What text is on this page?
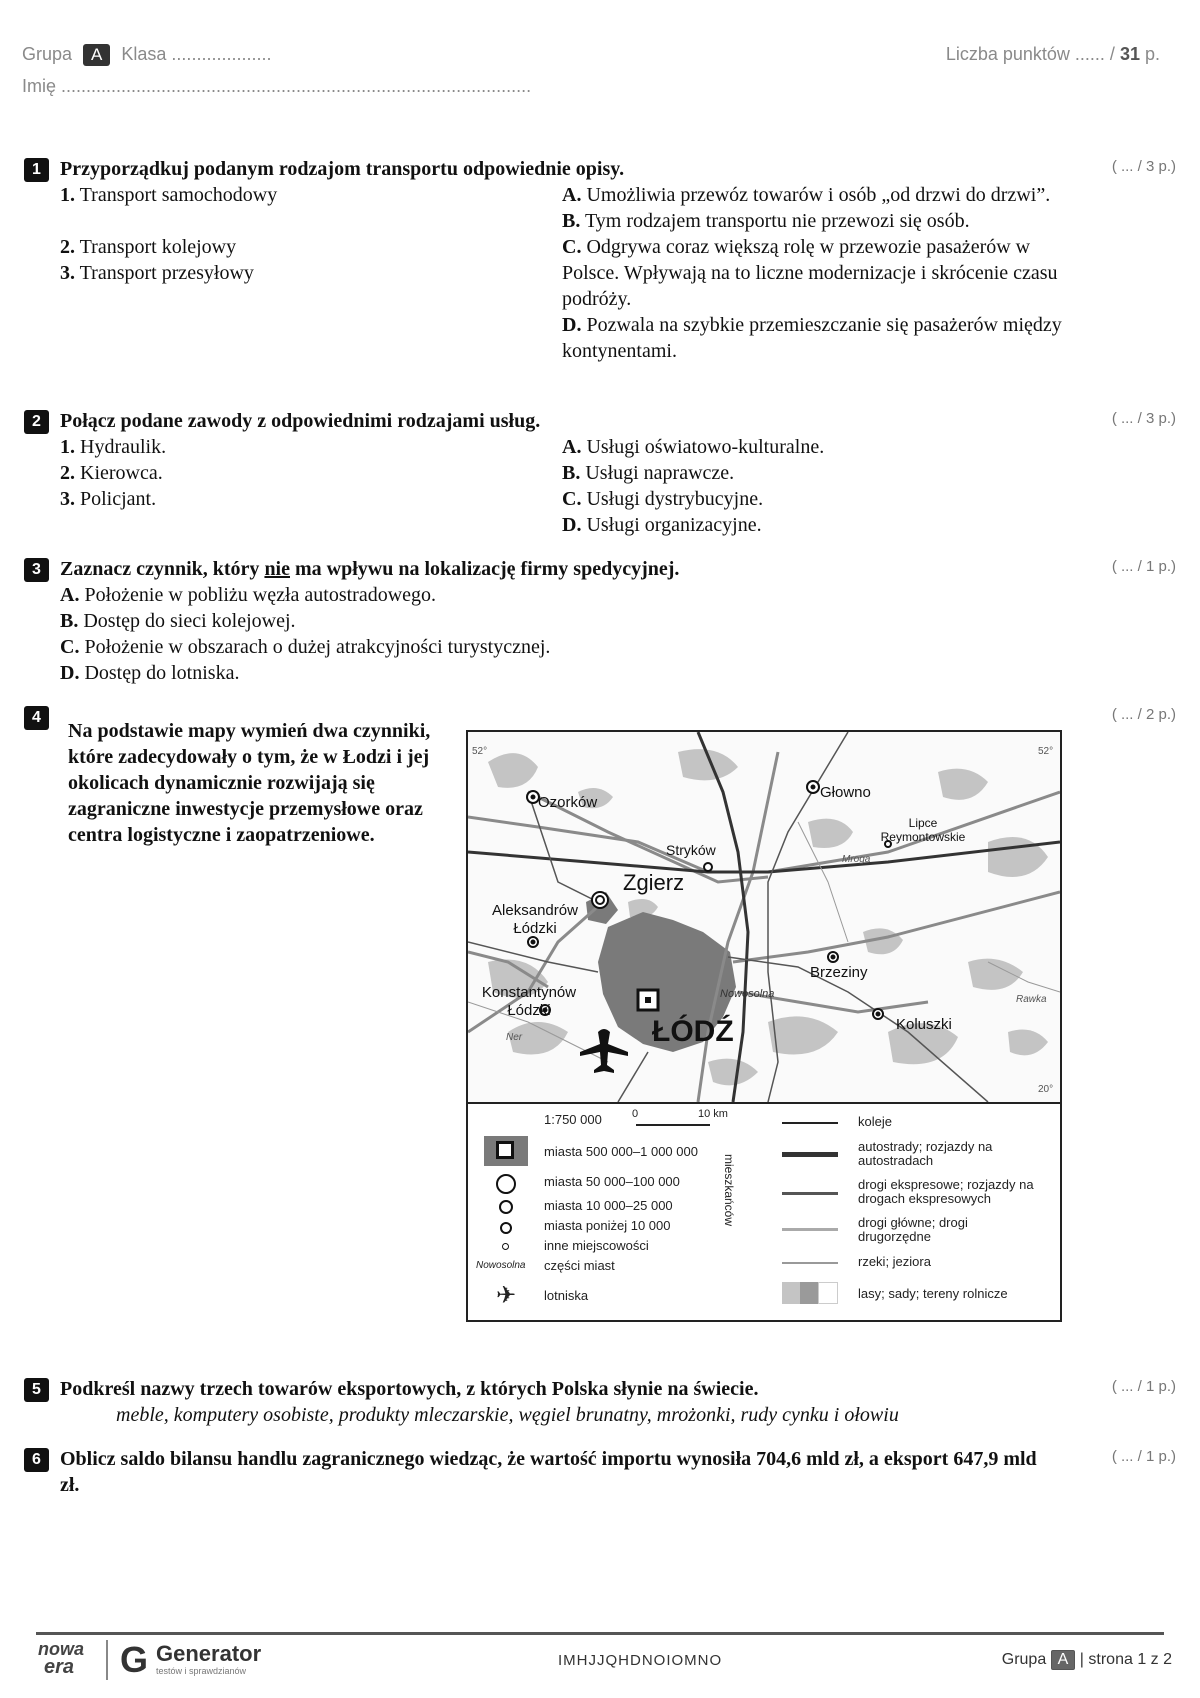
Grupa A Klasa ....................
Imię ..............................................................................................
Liczba punktów ...... / 31 p.
1 Przyporządkuj podanym rodzajom transportu odpowiednie opisy.	( ... / 3 p.)
1. Transport samochodowy
2. Transport kolejowy
3. Transport przesyłowy
A. Umożliwia przewóz towarów i osób „od drzwi do drzwi”.
B. Tym rodzajem transportu nie przewozi się osób.
C. Odgrywa coraz większą rolę w przewozie pasażerów w Polsce. Wpływają na to liczne modernizacje i skrócenie czasu podróży.
D. Pozwala na szybkie przemieszczanie się pasażerów między kontynentami.
2 Połącz podane zawody z odpowiednimi rodzajami usług.	( ... / 3 p.)
1. Hydraulik.
2. Kierowca.
3. Policjant.
A. Usługi oświatowo-kulturalne.
B. Usługi naprawcze.
C. Usługi dystrybucyjne.
D. Usługi organizacyjne.
3 Zaznacz czynnik, który nie ma wpływu na lokalizację firmy spedycyjnej.	( ... / 1 p.)
A. Położenie w pobliżu węzła autostradowego.
B. Dostęp do sieci kolejowej.
C. Położenie w obszarach o dużej atrakcyjności turystycznej.
D. Dostęp do lotniska.
4
Na podstawie mapy wymień dwa czynniki, które zadecydowały o tym, że w Łodzi i jej okolicach dynamicznie rozwijają się zagraniczne inwestycje przemysłowe oraz centra logistyczne i zaopatrzeniowe.
( ... / 2 p.)
Ozorków
Głowno
Stryków
Lipce Reymontowskie
Zgierz
Aleksandrów Łódzki
Konstantynów Łódzki
Brzeziny
Koluszki
Nowosolna
ŁÓDŹ
Ner
Mroga
Rawka
52°	52°
20°
1:750 000	0	10 km
miasta 500 000–1 000 000
miasta 50 000–100 000
miasta 10 000–25 000
miasta poniżej 10 000
inne miejscowości
Nowosolna części miast
✈ lotniska
mieszkańców
koleje
autostrady; rozjazdy na autostradach
drogi ekspresowe; rozjazdy na drogach ekspresowych
drogi główne; drogi drugorzędne
rzeki; jeziora
lasy; sady; tereny rolnicze
5 Podkreśl nazwy trzech towarów eksportowych, z których Polska słynie na świecie.	( ... / 1 p.)
meble, komputery osobiste, produkty mleczarskie, węgiel brunatny, mrożonki, rudy cynku i ołowiu
6 Oblicz saldo bilansu handlu zagranicznego wiedząc, że wartość importu wynosiła 704,6 mld zł, a eksport 647,9 mld zł.
( ... / 1 p.)
nowa
era G Generator
testów i sprawdzianów
IMHJJQHDNOIOMNO	Grupa A | strona 1 z 2
